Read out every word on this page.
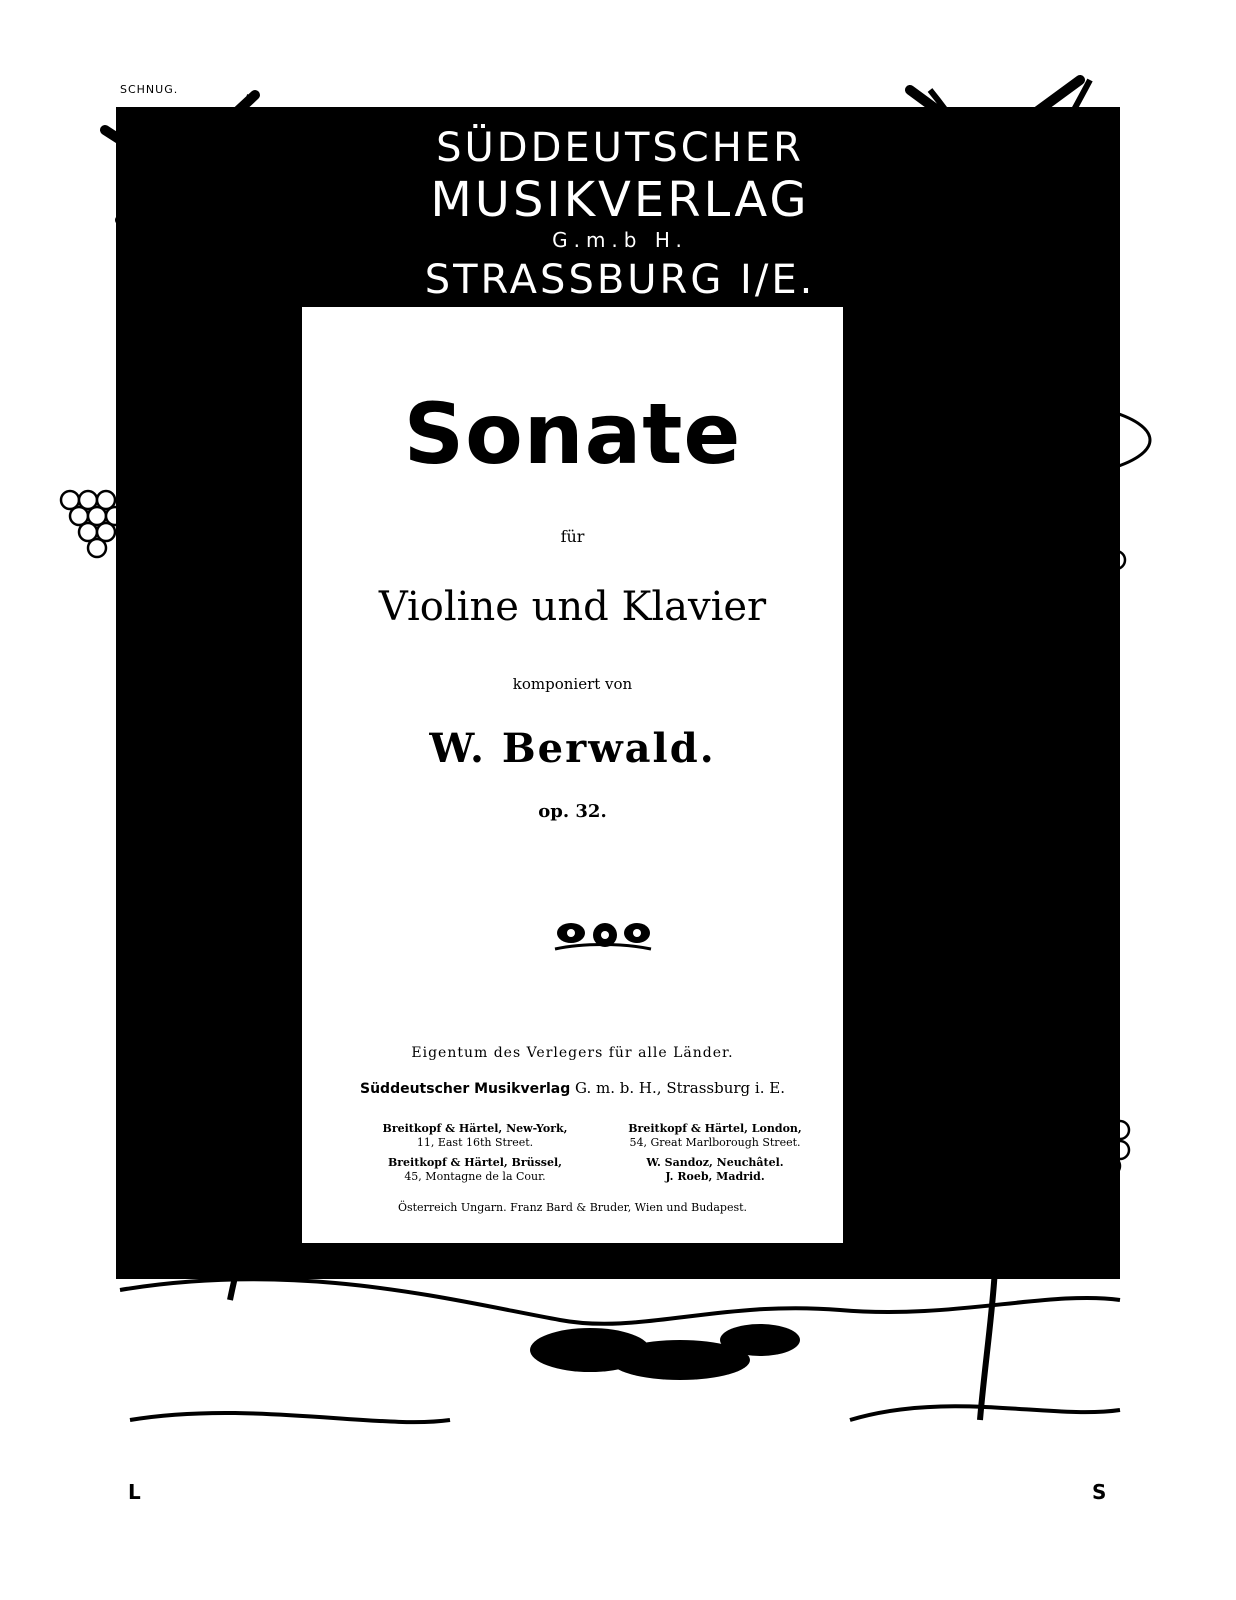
SCHNUG.
SÜDDEUTSCHER
MUSIKVERLAG
G.m.b H.
STRASSBURG I/E.
Sonate

für

Violine und Klavier

komponiert von

W. Berwald.

op. 32.

Eigentum des Verlegers für alle Länder.

Süddeutscher Musikverlag G. m. b. H., Strassburg i. E.

Breitkopf & Härtel, New-York,
11, East 16th Street.
Breitkopf & Härtel, London,
54, Great Marlborough Street.
Breitkopf & Härtel, Brüssel,
45, Montagne de la Cour.
W. Sandoz, Neuchâtel.
J. Roeb, Madrid.

Österreich Ungarn. Franz Bard & Bruder, Wien und Budapest.

L	S
